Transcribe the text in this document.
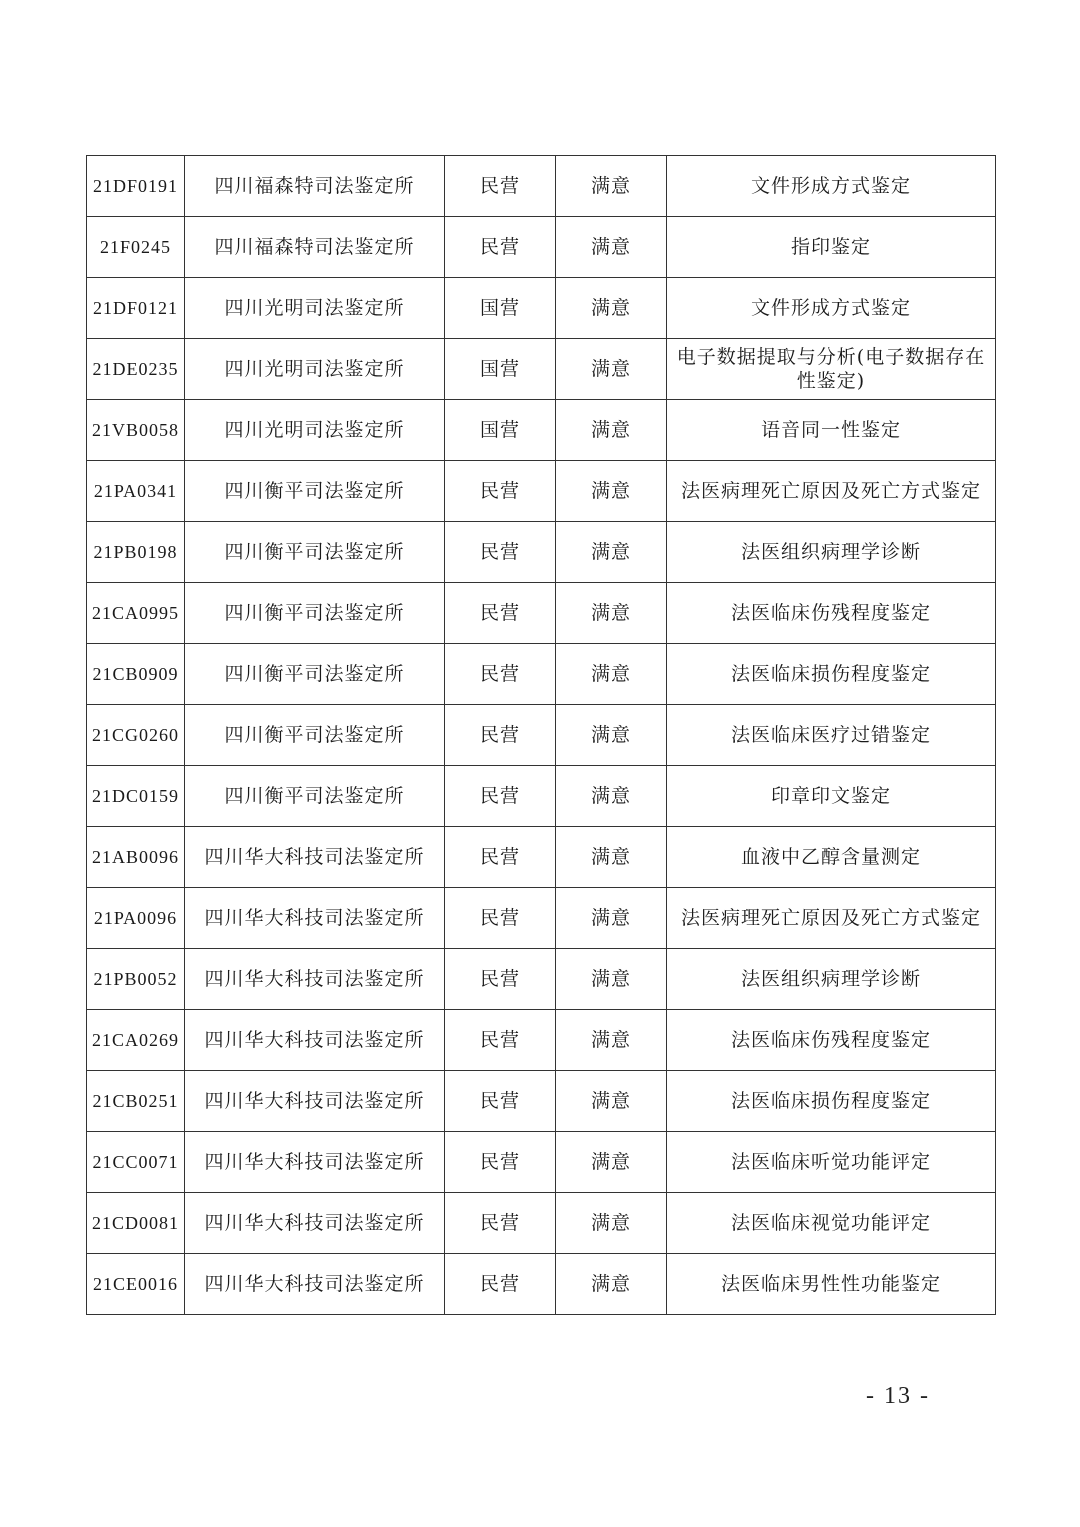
21DF0191	四川福森特司法鉴定所	民营	满意	文件形成方式鉴定
21F0245	四川福森特司法鉴定所	民营	满意	指印鉴定
21DF0121	四川光明司法鉴定所	国营	满意	文件形成方式鉴定
21DE0235	四川光明司法鉴定所	国营	满意	电子数据提取与分析(电子数据存在性鉴定)
21VB0058	四川光明司法鉴定所	国营	满意	语音同一性鉴定
21PA0341	四川衡平司法鉴定所	民营	满意	法医病理死亡原因及死亡方式鉴定
21PB0198	四川衡平司法鉴定所	民营	满意	法医组织病理学诊断
21CA0995	四川衡平司法鉴定所	民营	满意	法医临床伤残程度鉴定
21CB0909	四川衡平司法鉴定所	民营	满意	法医临床损伤程度鉴定
21CG0260	四川衡平司法鉴定所	民营	满意	法医临床医疗过错鉴定
21DC0159	四川衡平司法鉴定所	民营	满意	印章印文鉴定
21AB0096	四川华大科技司法鉴定所	民营	满意	血液中乙醇含量测定
21PA0096	四川华大科技司法鉴定所	民营	满意	法医病理死亡原因及死亡方式鉴定
21PB0052	四川华大科技司法鉴定所	民营	满意	法医组织病理学诊断
21CA0269	四川华大科技司法鉴定所	民营	满意	法医临床伤残程度鉴定
21CB0251	四川华大科技司法鉴定所	民营	满意	法医临床损伤程度鉴定
21CC0071	四川华大科技司法鉴定所	民营	满意	法医临床听觉功能评定
21CD0081	四川华大科技司法鉴定所	民营	满意	法医临床视觉功能评定
21CE0016	四川华大科技司法鉴定所	民营	满意	法医临床男性性功能鉴定
- 13 -
